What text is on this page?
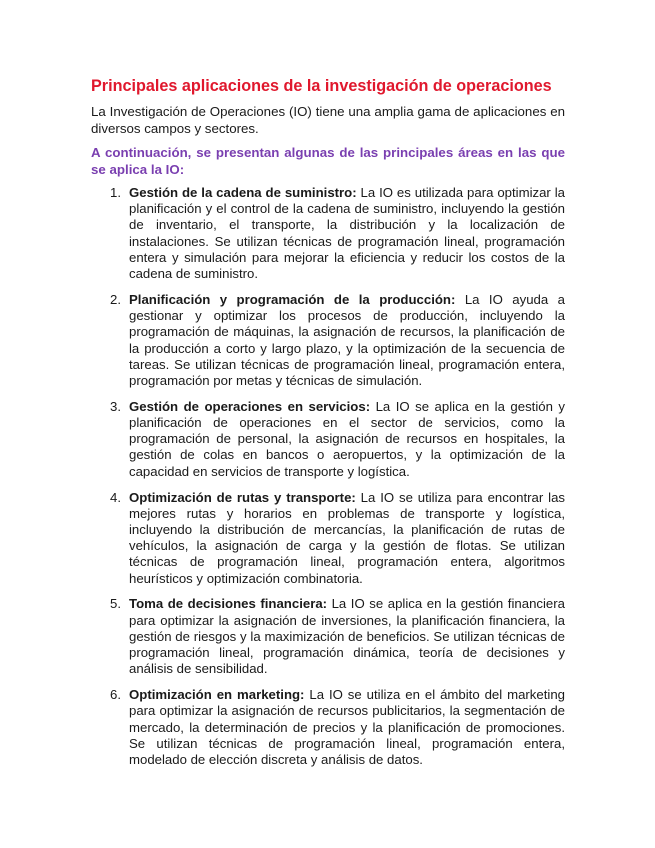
Principales aplicaciones de la investigación de operaciones

La Investigación de Operaciones (IO) tiene una amplia gama de aplicaciones en diversos campos y sectores.

A continuación, se presentan algunas de las principales áreas en las que se aplica la IO:

1. Gestión de la cadena de suministro: La IO es utilizada para optimizar la planificación y el control de la cadena de suministro, incluyendo la gestión de inventario, el transporte, la distribución y la localización de instalaciones. Se utilizan técnicas de programación lineal, programación entera y simulación para mejorar la eficiencia y reducir los costos de la cadena de suministro.
2. Planificación y programación de la producción: La IO ayuda a gestionar y optimizar los procesos de producción, incluyendo la programación de máquinas, la asignación de recursos, la planificación de la producción a corto y largo plazo, y la optimización de la secuencia de tareas. Se utilizan técnicas de programación lineal, programación entera, programación por metas y técnicas de simulación.
3. Gestión de operaciones en servicios: La IO se aplica en la gestión y planificación de operaciones en el sector de servicios, como la programación de personal, la asignación de recursos en hospitales, la gestión de colas en bancos o aeropuertos, y la optimización de la capacidad en servicios de transporte y logística.
4. Optimización de rutas y transporte: La IO se utiliza para encontrar las mejores rutas y horarios en problemas de transporte y logística, incluyendo la distribución de mercancías, la planificación de rutas de vehículos, la asignación de carga y la gestión de flotas. Se utilizan técnicas de programación lineal, programación entera, algoritmos heurísticos y optimización combinatoria.
5. Toma de decisiones financiera: La IO se aplica en la gestión financiera para optimizar la asignación de inversiones, la planificación financiera, la gestión de riesgos y la maximización de beneficios. Se utilizan técnicas de programación lineal, programación dinámica, teoría de decisiones y análisis de sensibilidad.
6. Optimización en marketing: La IO se utiliza en el ámbito del marketing para optimizar la asignación de recursos publicitarios, la segmentación de mercado, la determinación de precios y la planificación de promociones. Se utilizan técnicas de programación lineal, programación entera, modelado de elección discreta y análisis de datos.
